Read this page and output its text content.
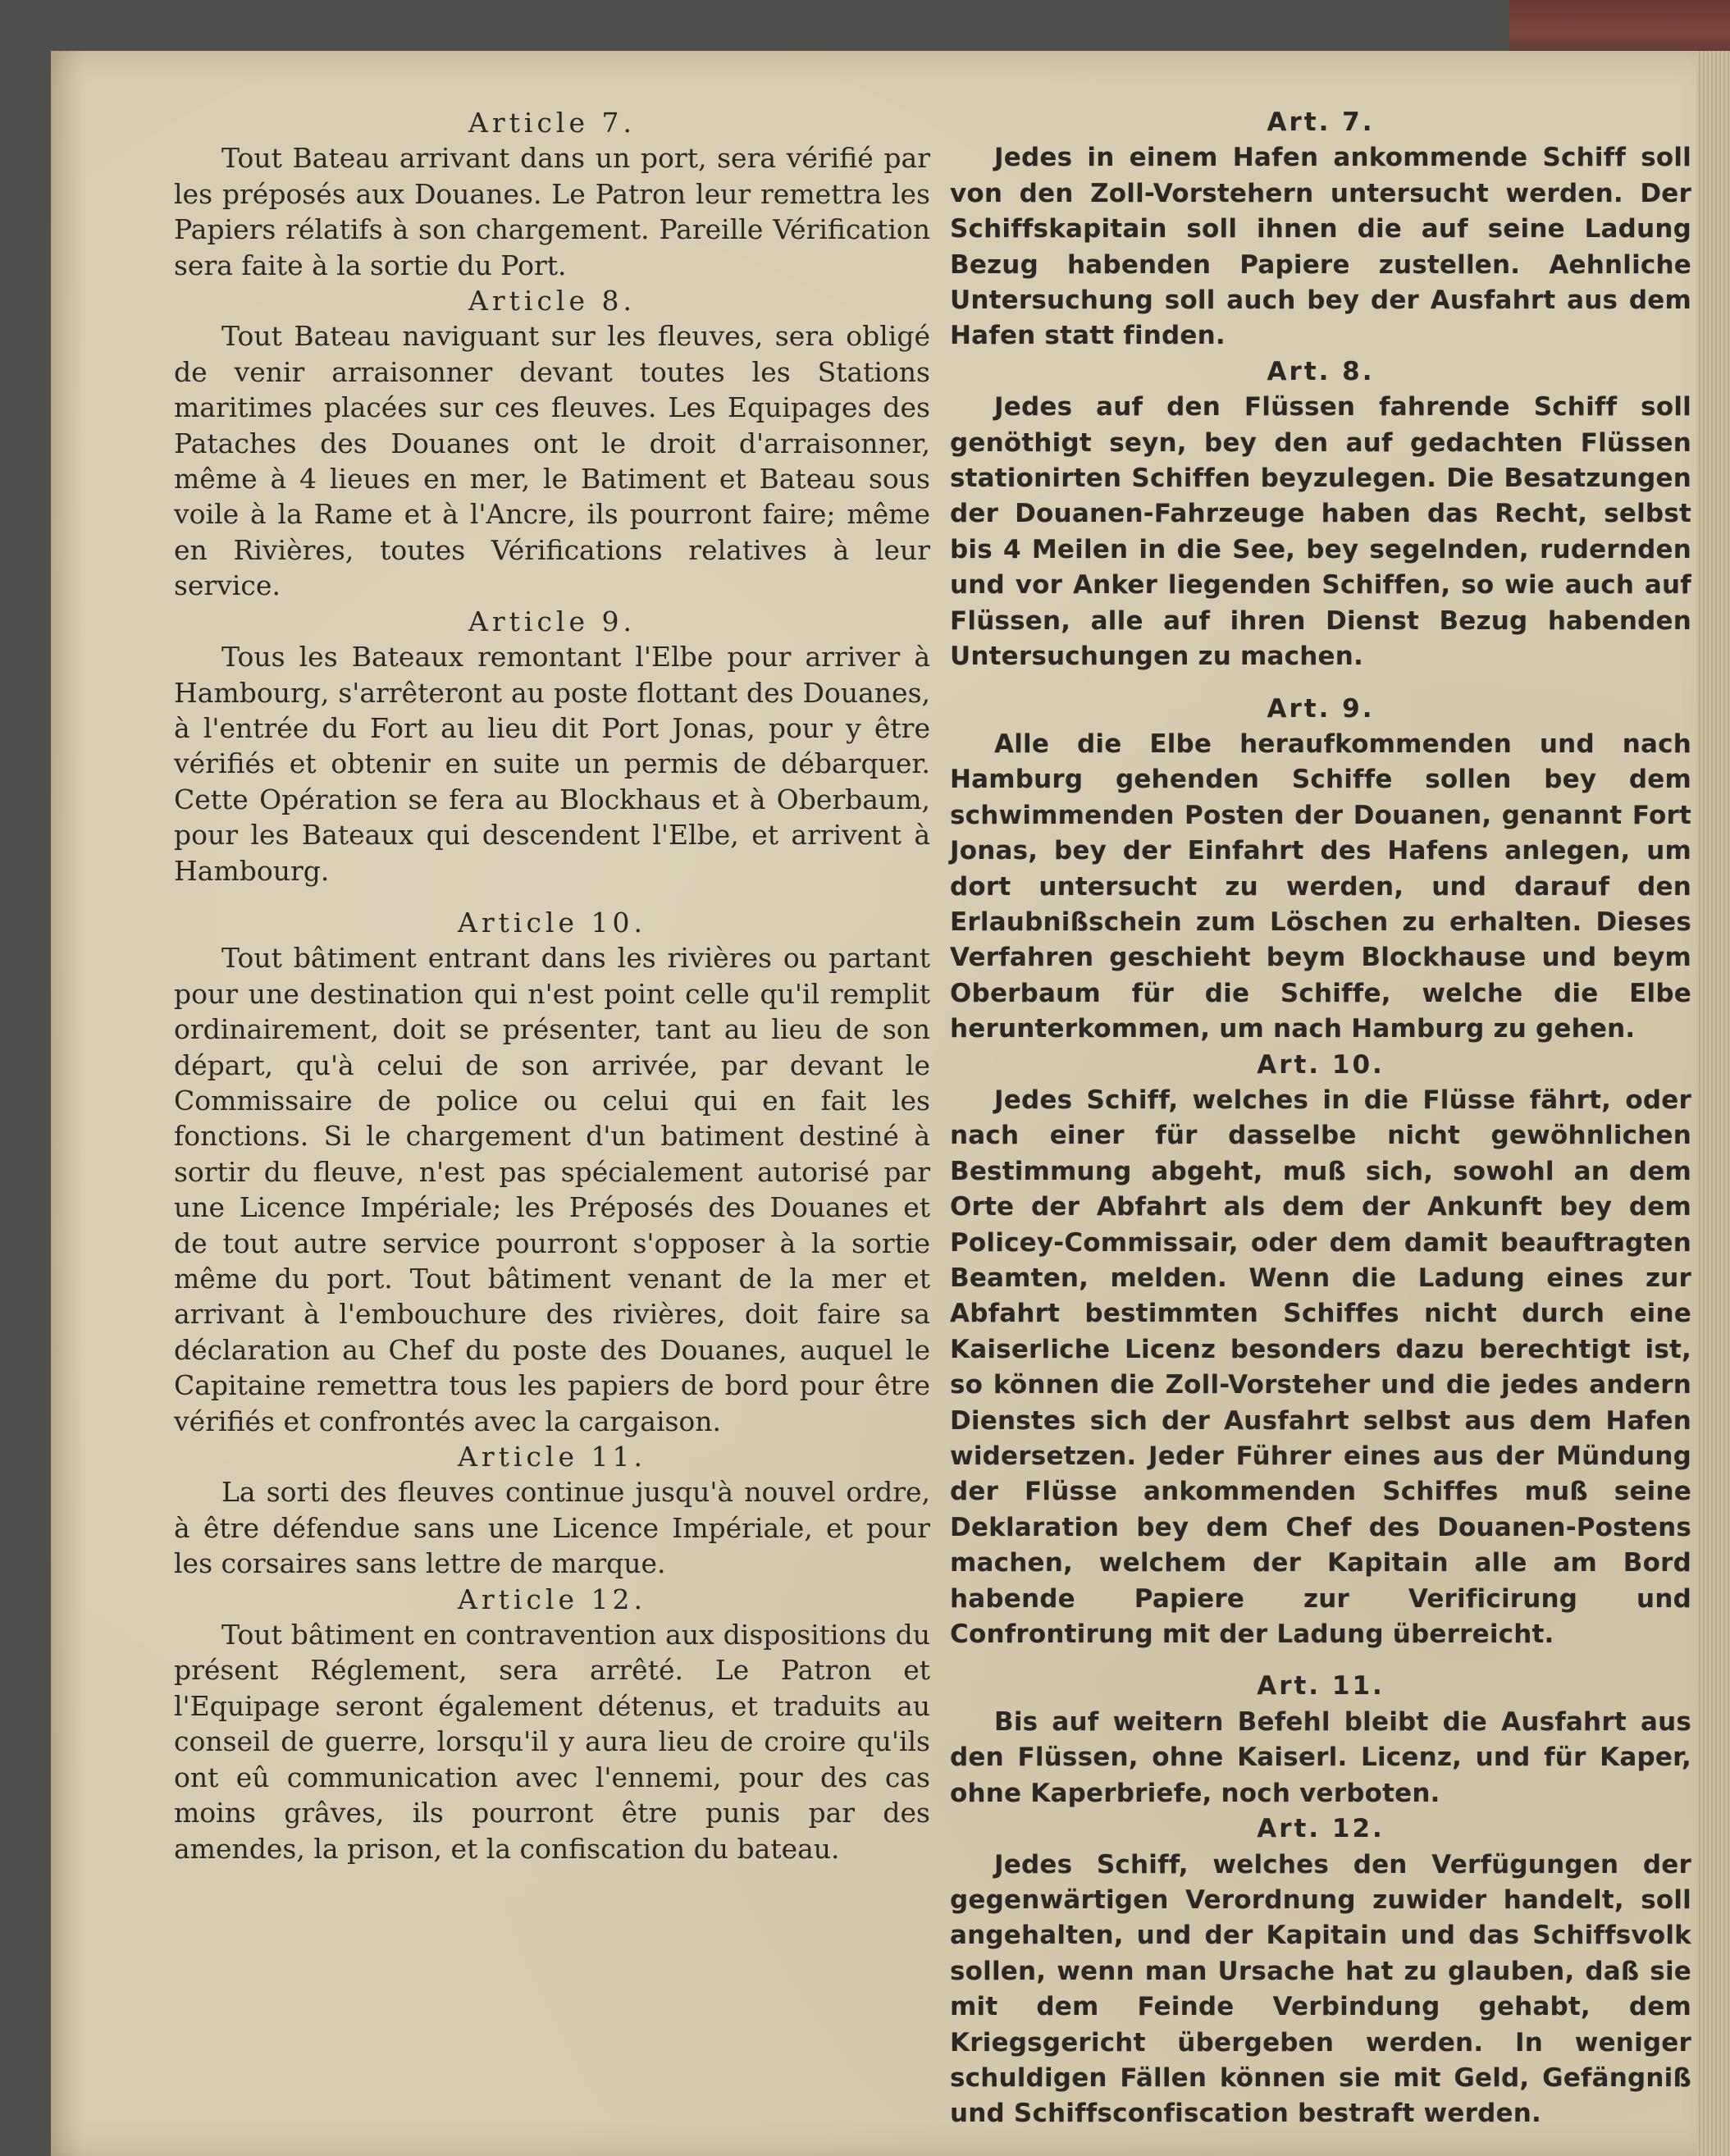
Article 7.
Tout Bateau arrivant dans un port, sera vérifié par les préposés aux Douanes. Le Patron leur remettra les Papiers rélatifs à son chargement. Pareille Vérification sera faite à la sortie du Port.
Article 8.
Tout Bateau naviguant sur les fleuves, sera obligé de venir arraisonner devant toutes les Stations maritimes placées sur ces fleuves. Les Equipages des Pataches des Douanes ont le droit d'arraisonner, même à 4 lieues en mer, le Batiment et Bateau sous voile à la Rame et à l'Ancre, ils pourront faire; même en Rivières, toutes Vérifications relatives à leur service.
Article 9.
Tous les Bateaux remontant l'Elbe pour arriver à Hambourg, s'arrêteront au poste flottant des Douanes, à l'entrée du Fort au lieu dit Port Jonas, pour y être vérifiés et obtenir en suite un permis de débarquer. Cette Opération se fera au Blockhaus et à Oberbaum, pour les Bateaux qui descendent l'Elbe, et arrivent à Hambourg.
Article 10.
Tout bâtiment entrant dans les rivières ou partant pour une destination qui n'est point celle qu'il remplit ordinairement, doit se présenter, tant au lieu de son départ, qu'à celui de son arrivée, par devant le Commissaire de police ou celui qui en fait les fonctions. Si le chargement d'un batiment destiné à sortir du fleuve, n'est pas spécialement autorisé par une Licence Impériale; les Préposés des Douanes et de tout autre service pourront s'opposer à la sortie même du port. Tout bâtiment venant de la mer et arrivant à l'embouchure des rivières, doit faire sa déclaration au Chef du poste des Douanes, auquel le Capitaine remettra tous les papiers de bord pour être vérifiés et confrontés avec la cargaison.
Article 11.
La sorti des fleuves continue jusqu'à nouvel ordre, à être défendue sans une Licence Impériale, et pour les corsaires sans lettre de marque.
Article 12.
Tout bâtiment en contravention aux dispositions du présent Réglement, sera arrêté. Le Patron et l'Equipage seront également détenus, et traduits au conseil de guerre, lorsqu'il y aura lieu de croire qu'ils ont eû communication avec l'ennemi, pour des cas moins grâves, ils pourront être punis par des amendes, la prison, et la confiscation du bateau.
Art. 7.
Jedes in einem Hafen ankommende Schiff soll von den Zoll-Vorstehern untersucht werden. Der Schiffskapitain soll ihnen die auf seine Ladung Bezug habenden Papiere zustellen. Aehnliche Untersuchung soll auch bey der Ausfahrt aus dem Hafen statt finden.
Art. 8.
Jedes auf den Flüssen fahrende Schiff soll genöthigt seyn, bey den auf gedachten Flüssen stationirten Schiffen beyzulegen. Die Besatzungen der Douanen-Fahrzeuge haben das Recht, selbst bis 4 Meilen in die See, bey segelnden, rudernden und vor Anker liegenden Schiffen, so wie auch auf Flüssen, alle auf ihren Dienst Bezug habenden Untersuchungen zu machen.
Art. 9.
Alle die Elbe heraufkommenden und nach Hamburg gehenden Schiffe sollen bey dem schwimmenden Posten der Douanen, genannt Fort Jonas, bey der Einfahrt des Hafens anlegen, um dort untersucht zu werden, und darauf den Erlaubnißschein zum Löschen zu erhalten. Dieses Verfahren geschieht beym Blockhause und beym Oberbaum für die Schiffe, welche die Elbe herunterkommen, um nach Hamburg zu gehen.
Art. 10.
Jedes Schiff, welches in die Flüsse fährt, oder nach einer für dasselbe nicht gewöhnlichen Bestimmung abgeht, muß sich, sowohl an dem Orte der Abfahrt als dem der Ankunft bey dem Policey-Commissair, oder dem damit beauftragten Beamten, melden. Wenn die Ladung eines zur Abfahrt bestimmten Schiffes nicht durch eine Kaiserliche Licenz besonders dazu berechtigt ist, so können die Zoll-Vorsteher und die jedes andern Dienstes sich der Ausfahrt selbst aus dem Hafen widersetzen. Jeder Führer eines aus der Mündung der Flüsse ankommenden Schiffes muß seine Deklaration bey dem Chef des Douanen-Postens machen, welchem der Kapitain alle am Bord habende Papiere zur Verificirung und Confrontirung mit der Ladung überreicht.
Art. 11.
Bis auf weitern Befehl bleibt die Ausfahrt aus den Flüssen, ohne Kaiserl. Licenz, und für Kaper, ohne Kaperbriefe, noch verboten.
Art. 12.
Jedes Schiff, welches den Verfügungen der gegenwärtigen Verordnung zuwider handelt, soll angehalten, und der Kapitain und das Schiffsvolk sollen, wenn man Ursache hat zu glauben, daß sie mit dem Feinde Verbindung gehabt, dem Kriegsgericht übergeben werden. In weniger schuldigen Fällen können sie mit Geld, Gefängniß und Schiffsconfiscation bestraft werden.
